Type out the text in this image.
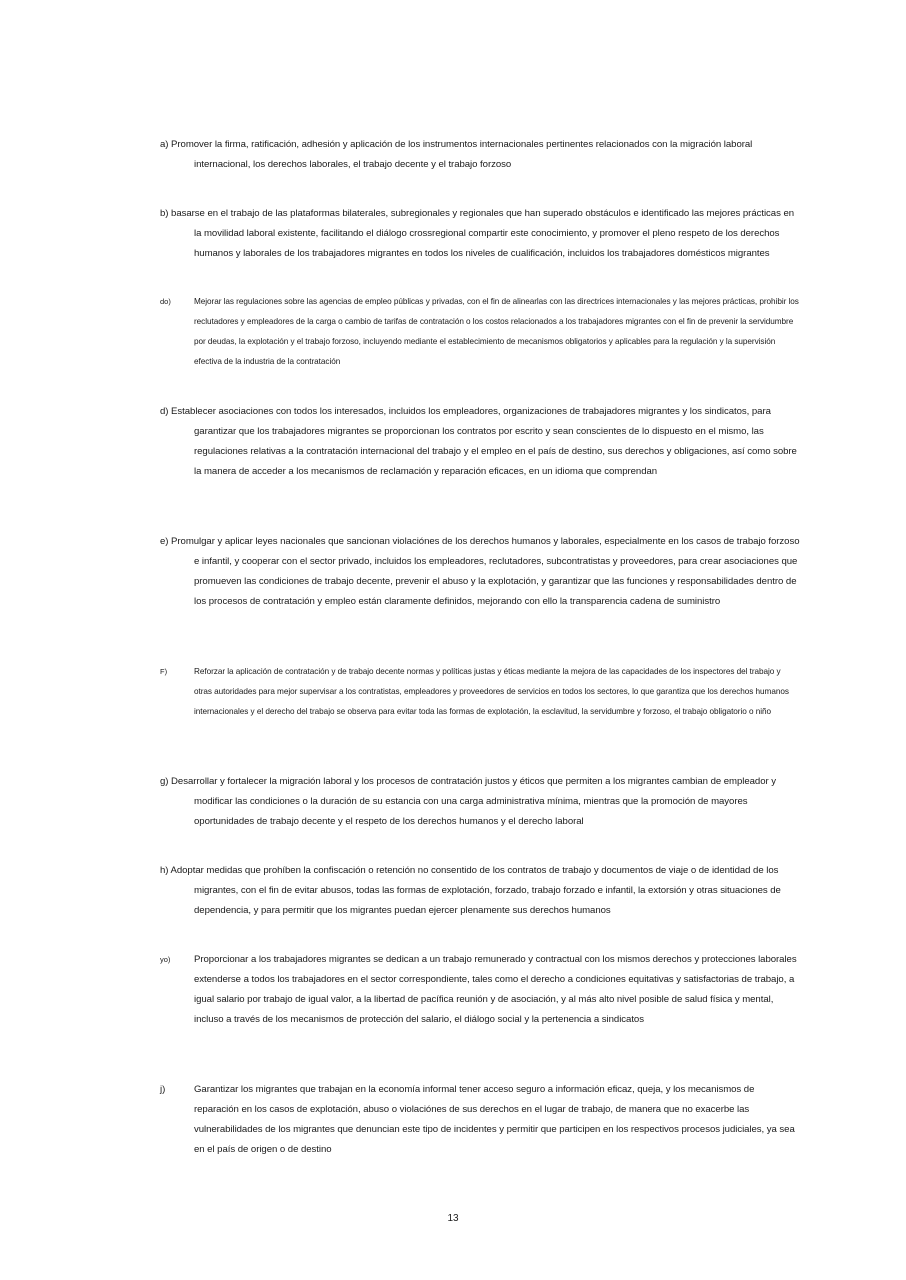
a) Promover la firma, ratificación, adhesión y aplicación de los instrumentos internacionales pertinentes relacionados con la migración laboral internacional, los derechos laborales, el trabajo decente y el trabajo forzoso
b) basarse en el trabajo de las plataformas bilaterales, subregionales y regionales que han superado obstáculos e identificado las mejores prácticas en la movilidad laboral existente, facilitando el diálogo crossregional compartir este conocimiento, y promover el pleno respeto de los derechos humanos y laborales de los trabajadores migrantes en todos los niveles de cualificación, incluidos los trabajadores domésticos migrantes
do)	Mejorar las regulaciones sobre las agencias de empleo públicas y privadas, con el fin de alinearlas con las directrices internacionales y las mejores prácticas, prohibir los reclutadores y empleadores de la carga o cambio de tarifas de contratación o los costos relacionados a los trabajadores migrantes con el fin de prevenir la servidumbre por deudas, la explotación y el trabajo forzoso, incluyendo mediante el establecimiento de mecanismos obligatorios y aplicables para la regulación y la supervisión efectiva de la industria de la contratación
d) Establecer asociaciones con todos los interesados, incluidos los empleadores, organizaciones de trabajadores migrantes y los sindicatos, para garantizar que los trabajadores migrantes se proporcionan los contratos por escrito y sean conscientes de lo dispuesto en el mismo, las regulaciones relativas a la contratación internacional del trabajo y el empleo en el país de destino, sus derechos y obligaciones, así como sobre la manera de acceder a los mecanismos de reclamación y reparación eficaces, en un idioma que comprendan
e) Promulgar y aplicar leyes nacionales que sancionan violaciónes de los derechos humanos y laborales, especialmente en los casos de trabajo forzoso e infantil, y cooperar con el sector privado, incluidos los empleadores, reclutadores, subcontratistas y proveedores, para crear asociaciones que promueven las condiciones de trabajo decente, prevenir el abuso y la explotación, y garantizar que las funciones y responsabilidades dentro de los procesos de contratación y empleo están claramente definidos, mejorando con ello la transparencia cadena de suministro
F)	Reforzar la aplicación de contratación y de trabajo decente normas y políticas justas y éticas mediante la mejora de las capacidades de los inspectores del trabajo y otras autoridades para mejor supervisar a los contratistas, empleadores y proveedores de servicios en todos los sectores, lo que garantiza que los derechos humanos internacionales y el derecho del trabajo se observa para evitar toda las formas de explotación, la esclavitud, la servidumbre y forzoso, el trabajo obligatorio o niño
g) Desarrollar y fortalecer la migración laboral y los procesos de contratación justos y éticos que permiten a los migrantes cambian de empleador y modificar las condiciones o la duración de su estancia con una carga administrativa mínima, mientras que la promoción de mayores oportunidades de trabajo decente y el respeto de los derechos humanos y el derecho laboral
h) Adoptar medidas que prohíben la confiscación o retención no consentido de los contratos de trabajo y documentos de viaje o de identidad de los migrantes, con el fin de evitar abusos, todas las formas de explotación, forzado, trabajo forzado e infantil, la extorsión y otras situaciones de dependencia, y para permitir que los migrantes puedan ejercer plenamente sus derechos humanos
yo)	Proporcionar a los trabajadores migrantes se dedican a un trabajo remunerado y contractual con los mismos derechos y protecciones laborales extenderse a todos los trabajadores en el sector correspondiente, tales como el derecho a condiciones equitativas y satisfactorias de trabajo, a igual salario por trabajo de igual valor, a la libertad de pacífica reunión y de asociación, y al más alto nivel posible de salud física y mental, incluso a través de los mecanismos de protección del salario, el diálogo social y la pertenencia a sindicatos
j)	Garantizar los migrantes que trabajan en la economía informal tener acceso seguro a información eficaz, queja, y los mecanismos de reparación en los casos de explotación, abuso o violaciónes de sus derechos en el lugar de trabajo, de manera que no exacerbe las vulnerabilidades de los migrantes que denuncian este tipo de incidentes y permitir que participen en los respectivos procesos judiciales, ya sea en el país de origen o de destino
13
